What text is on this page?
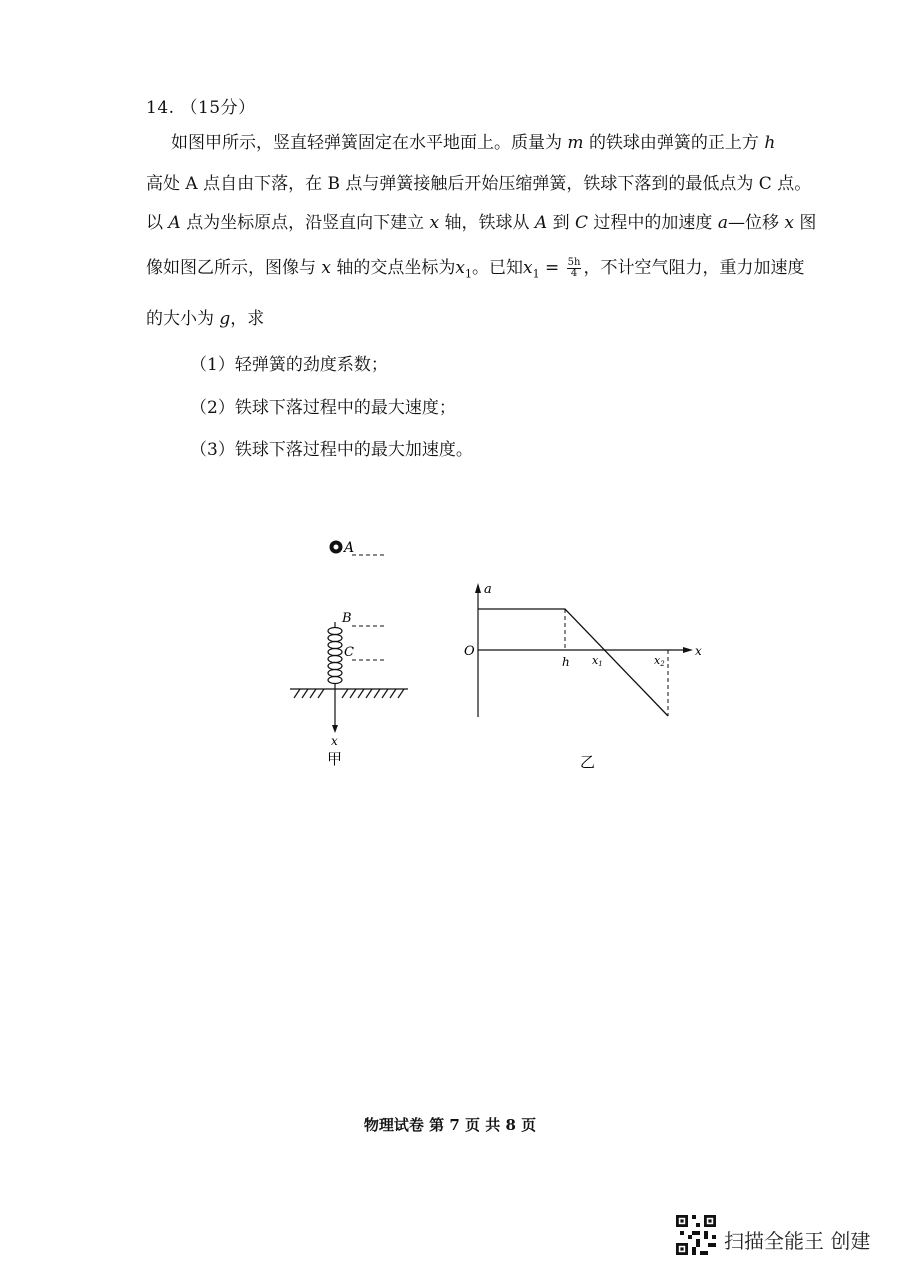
14. （15分）
如图甲所示，竖直轻弹簧固定在水平地面上。质量为 m 的铁球由弹簧的正上方 h
高处 A 点自由下落，在 B 点与弹簧接触后开始压缩弹簧，铁球下落到的最低点为 C 点。
以 A 点为坐标原点，沿竖直向下建立 x 轴，铁球从 A 到 C 过程中的加速度 a—位移 x 图
像如图乙所示，图像与 x 轴的交点坐标为$x_1$。已知$x_1 = \frac{5h}{4}$ ，不计空气阻力，重力加速度
的大小为 g，求
（1）轻弹簧的劲度系数；
（2）铁球下落过程中的最大速度；
（3）铁球下落过程中的最大加速度。
A
B
C
x
甲
a
x
O
h x1	x2
乙
物理试卷 第 7 页 共 8 页
扫描全能王 创建
